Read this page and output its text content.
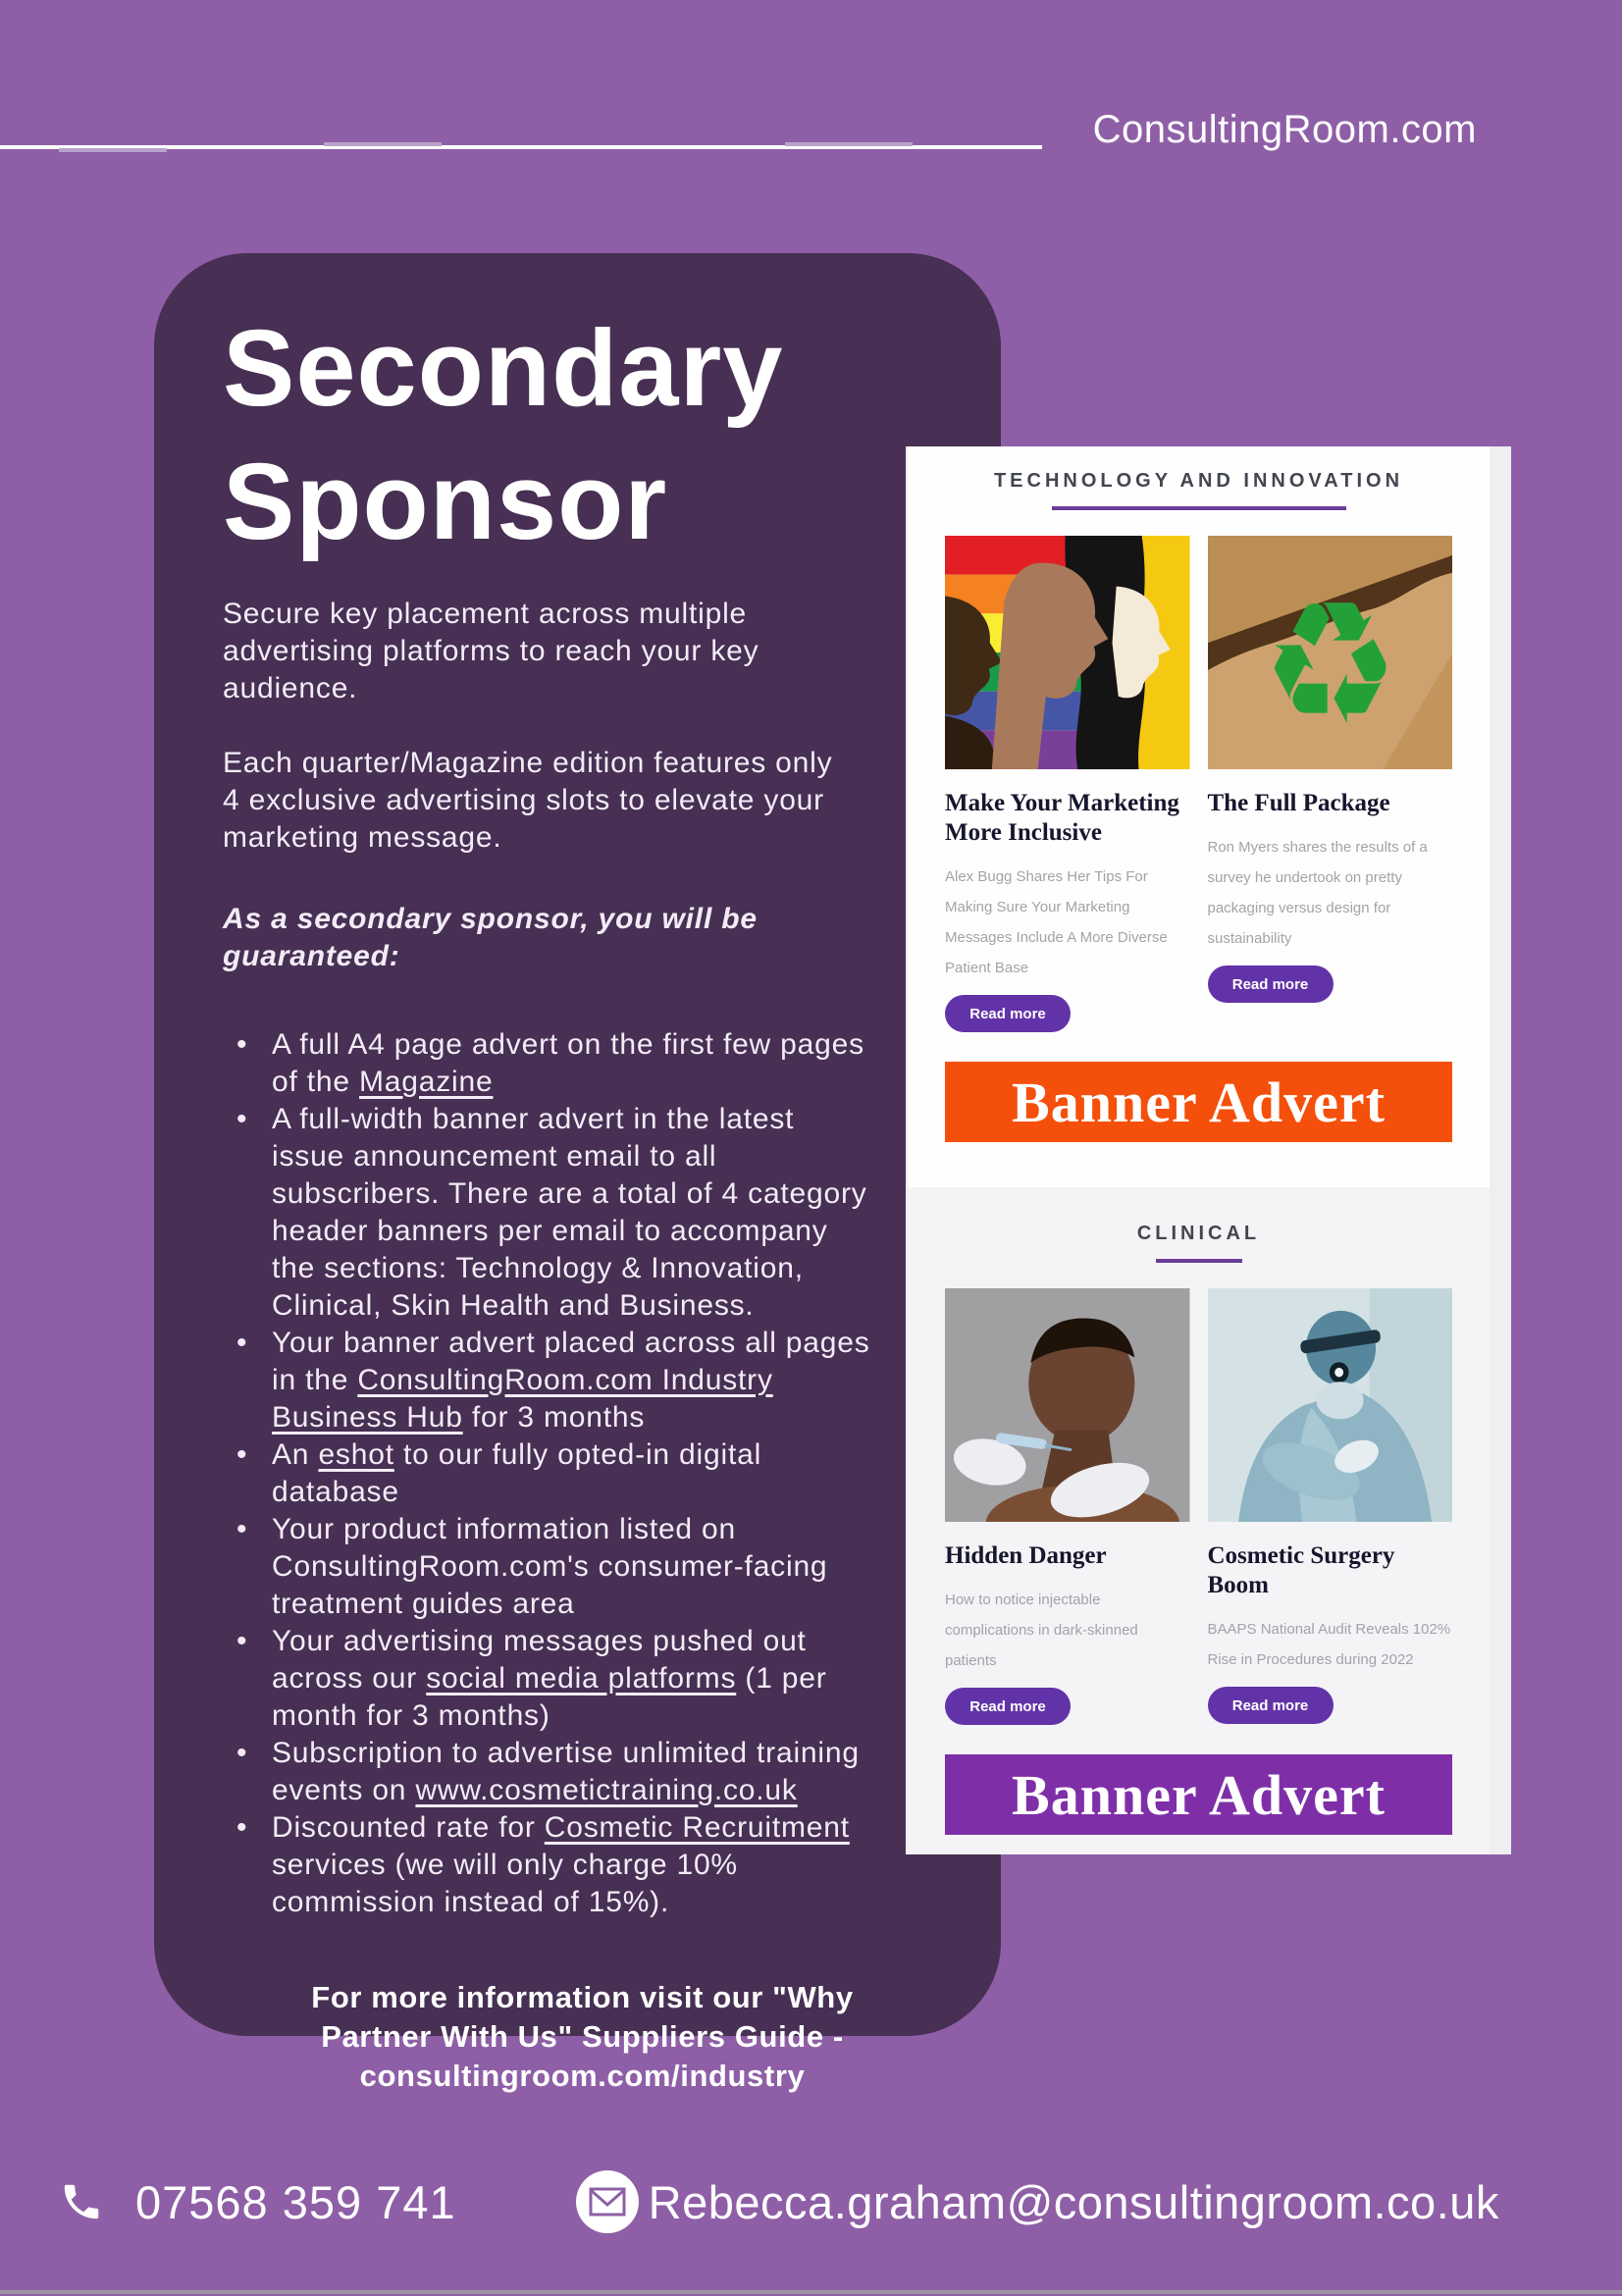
ConsultingRoom.com
Secondary
Sponsor

Secure key placement across multiple advertising platforms to reach your key audience.

Each quarter/Magazine edition features only 4 exclusive advertising slots to elevate your marketing message.

As a secondary sponsor, you will be guaranteed:

• A full A4 page advert on the first few pages of the Magazine
• A full-width banner advert in the latest issue announcement email to all subscribers. There are a total of 4 category header banners per email to accompany the sections: Technology & Innovation, Clinical, Skin Health and Business.
• Your banner advert placed across all pages in the ConsultingRoom.com Industry Business Hub for 3 months
• An eshot to our fully opted-in digital database
• Your product information listed on ConsultingRoom.com's consumer-facing treatment guides area
• Your advertising messages pushed out across our social media platforms (1 per month for 3 months)
• Subscription to advertise unlimited training events on www.cosmetictraining.co.uk
• Discounted rate for Cosmetic Recruitment services (we will only charge 10% commission instead of 15%).
For more information visit our "Why Partner With Us" Suppliers Guide -
consultingroom.com/industry
TECHNOLOGY AND INNOVATION
Make Your Marketing More Inclusive

Alex Bugg Shares Her Tips For Making Sure Your Marketing Messages Include A More Diverse Patient Base

Read more
♻
The Full Package

Ron Myers shares the results of a survey he undertook on pretty packaging versus design for sustainability

Read more
Banner Advert
CLINICAL
Hidden Danger

How to notice injectable complications in dark-skinned patients

Read more
Cosmetic Surgery Boom

BAAPS National Audit Reveals 102% Rise in Procedures during 2022

Read more
Banner Advert
07568 359 741	Rebecca.graham@consultingroom.co.uk
